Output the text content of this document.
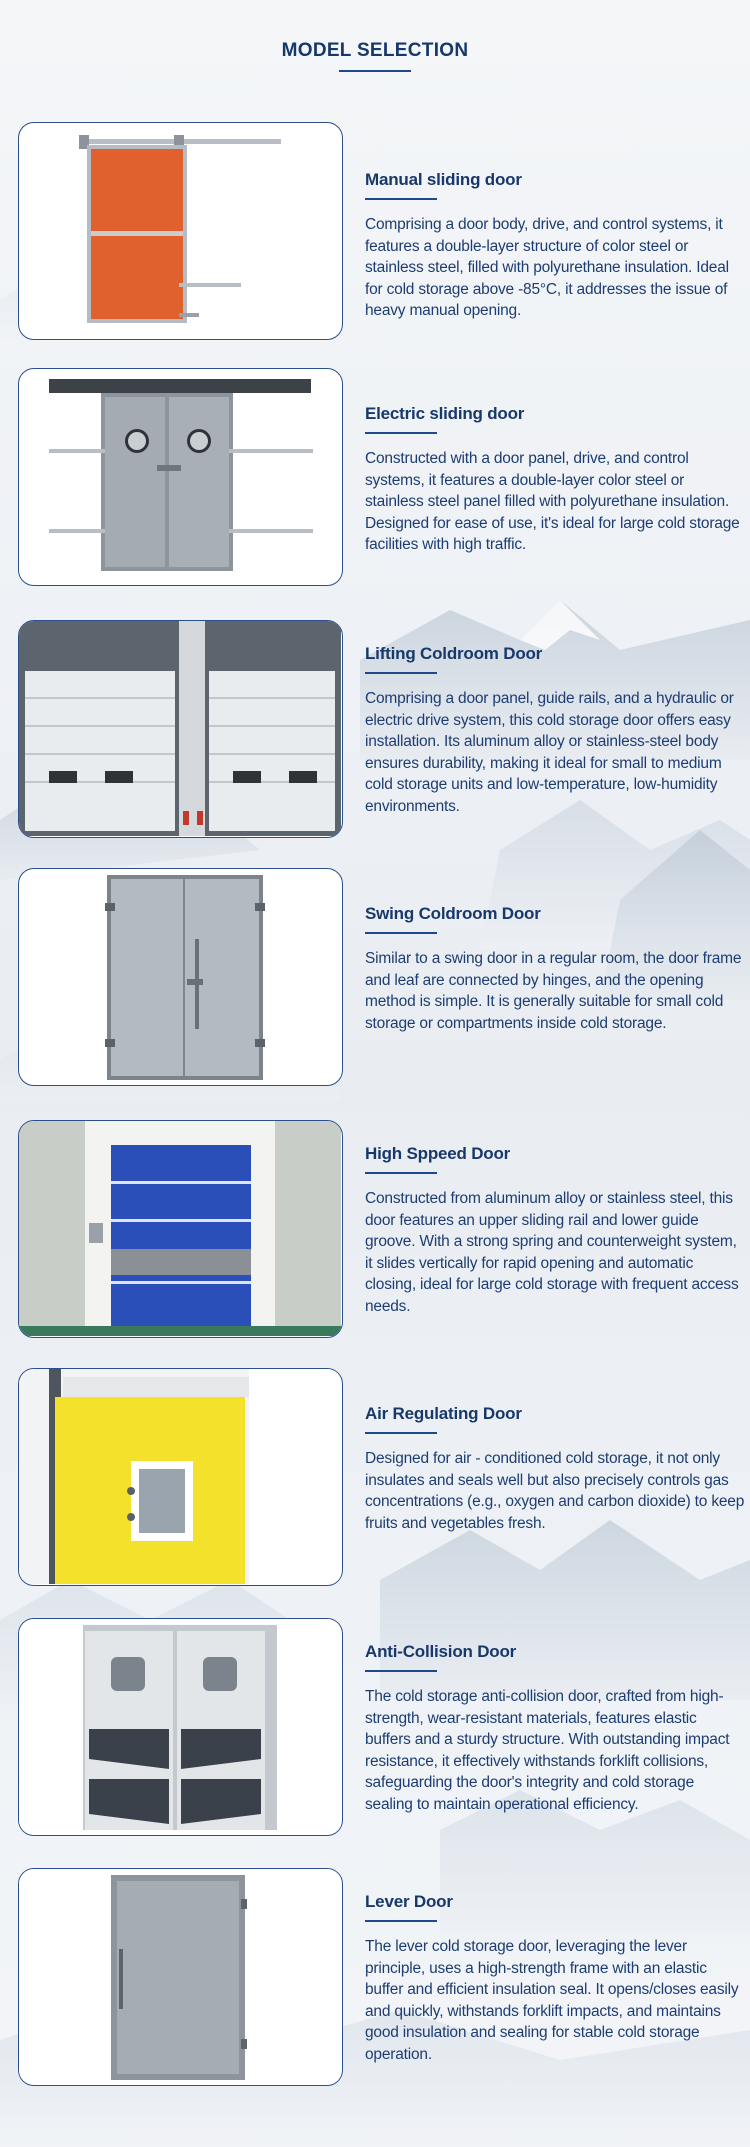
MODEL SELECTION
Manual sliding door
Comprising a door body, drive, and control systems, it features a double-layer structure of color steel or stainless steel, filled with polyurethane insulation. Ideal for cold storage above -85°C, it addresses the issue of heavy manual opening.
Electric sliding door
Constructed with a door panel, drive, and control systems, it features a double-layer color steel or stainless steel panel filled with polyurethane insulation. Designed for ease of use, it's ideal for large cold storage facilities with high traffic.
Lifting Coldroom Door
Comprising a door panel, guide rails, and a hydraulic or electric drive system, this cold storage door offers easy installation. Its aluminum alloy or stainless-steel body ensures durability, making it ideal for small to medium cold storage units and low-temperature, low-humidity environments.
Swing Coldroom Door
Similar to a swing door in a regular room, the door frame and leaf are connected by hinges, and the opening method is simple. It is generally suitable for small cold storage or compartments inside cold storage.
High Sppeed Door
Constructed from aluminum alloy or stainless steel, this door features an upper sliding rail and lower guide groove. With a strong spring and counterweight system, it slides vertically for rapid opening and automatic closing, ideal for large cold storage with frequent access needs.
Air Regulating Door
Designed for air - conditioned cold storage, it not only insulates and seals well but also precisely controls gas concentrations (e.g., oxygen and carbon dioxide) to keep fruits and vegetables fresh.
Anti-Collision Door
The cold storage anti-collision door, crafted from high-strength, wear-resistant materials, features elastic buffers and a sturdy structure. With outstanding impact resistance, it effectively withstands forklift collisions, safeguarding the door's integrity and cold storage sealing to maintain operational efficiency.
Lever Door
The lever cold storage door, leveraging the lever principle, uses a high-strength frame with an elastic buffer and efficient insulation seal. It opens/closes easily and quickly, withstands forklift impacts, and maintains good insulation and sealing for stable cold storage operation.
